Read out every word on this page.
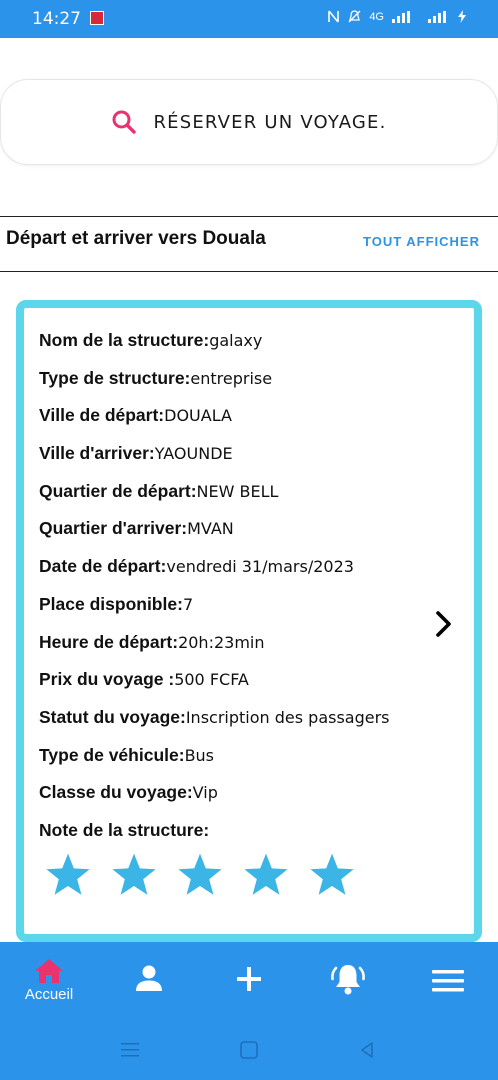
14:27	4G
RÉSERVER UN VOYAGE.
Départ et arriver vers Douala	TOUT AFFICHER
Nom de la structure:galaxy
Type de structure:entreprise
Ville de départ:DOUALA
Ville d'arriver:YAOUNDE
Quartier de départ:NEW BELL
Quartier d'arriver:MVAN
Date de départ:vendredi 31/mars/2023
Place disponible:7
Heure de départ:20h:23min
Prix du voyage :500 FCFA
Statut du voyage:Inscription des passagers
Type de véhicule:Bus
Classe du voyage:Vip
Note de la structure:
Accueil
